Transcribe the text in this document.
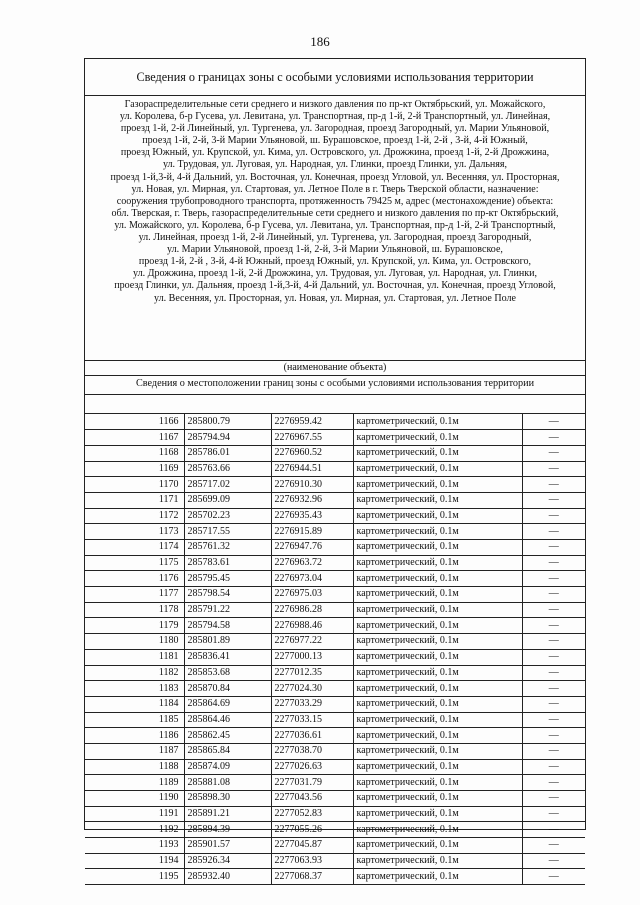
186
Сведения о границах зоны с особыми условиями использования территории
Газораспределительные сети среднего и низкого давления по пр-кт Октябрьский, ул. Можайского,
ул. Королева, б-р Гусева, ул. Левитана, ул. Транспортная, пр-д 1-й, 2-й Транспортный, ул. Линейная,
проезд 1-й, 2-й Линейный, ул. Тургенева, ул. Загородная, проезд Загородный, ул. Марии Ульяновой,
проезд 1-й, 2-й, 3-й Марии Ульяновой, ш. Бурашовское, проезд 1-й, 2-й , 3-й, 4-й Южный,
проезд Южный, ул. Крупской, ул. Кима, ул. Островского, ул. Дрожжина, проезд 1-й, 2-й Дрожжина,
ул. Трудовая, ул. Луговая, ул. Народная, ул. Глинки, проезд Глинки, ул. Дальняя,
проезд 1-й,3-й, 4-й Дальний, ул. Восточная, ул. Конечная, проезд Угловой, ул. Весенняя, ул. Просторная,
ул. Новая, ул. Мирная, ул. Стартовая, ул. Летное Поле в г. Тверь Тверской области, назначение:
сооружения трубопроводного транспорта, протяженность 79425 м, адрес (местонахождение) объекта:
обл. Тверская, г. Тверь, газораспределительные сети среднего и низкого давления по пр-кт Октябрьский,
ул. Можайского, ул. Королева, б-р Гусева, ул. Левитана, ул. Транспортная, пр-д 1-й, 2-й Транспортный,
ул. Линейная, проезд 1-й, 2-й Линейный, ул. Тургенева, ул. Загородная, проезд Загородный,
ул. Марии Ульяновой, проезд 1-й, 2-й, 3-й Марии Ульяновой, ш. Бурашовское,
проезд 1-й, 2-й , 3-й, 4-й Южный, проезд Южный, ул. Крупской, ул. Кима, ул. Островского,
ул. Дрожжина, проезд 1-й, 2-й Дрожжина, ул. Трудовая, ул. Луговая, ул. Народная, ул. Глинки,
проезд Глинки, ул. Дальняя, проезд 1-й,3-й, 4-й Дальний, ул. Восточная, ул. Конечная, проезд Угловой,
ул. Весенняя, ул. Просторная, ул. Новая, ул. Мирная, ул. Стартовая, ул. Летное Поле
(наименование объекта)
Сведения о местоположении границ зоны с особыми условиями использования территории
1166	285800.79	2276959.42	картометрический, 0.1м	—
1167	285794.94	2276967.55	картометрический, 0.1м	—
1168	285786.01	2276960.52	картометрический, 0.1м	—
1169	285763.66	2276944.51	картометрический, 0.1м	—
1170	285717.02	2276910.30	картометрический, 0.1м	—
1171	285699.09	2276932.96	картометрический, 0.1м	—
1172	285702.23	2276935.43	картометрический, 0.1м	—
1173	285717.55	2276915.89	картометрический, 0.1м	—
1174	285761.32	2276947.76	картометрический, 0.1м	—
1175	285783.61	2276963.72	картометрический, 0.1м	—
1176	285795.45	2276973.04	картометрический, 0.1м	—
1177	285798.54	2276975.03	картометрический, 0.1м	—
1178	285791.22	2276986.28	картометрический, 0.1м	—
1179	285794.58	2276988.46	картометрический, 0.1м	—
1180	285801.89	2276977.22	картометрический, 0.1м	—
1181	285836.41	2277000.13	картометрический, 0.1м	—
1182	285853.68	2277012.35	картометрический, 0.1м	—
1183	285870.84	2277024.30	картометрический, 0.1м	—
1184	285864.69	2277033.29	картометрический, 0.1м	—
1185	285864.46	2277033.15	картометрический, 0.1м	—
1186	285862.45	2277036.61	картометрический, 0.1м	—
1187	285865.84	2277038.70	картометрический, 0.1м	—
1188	285874.09	2277026.63	картометрический, 0.1м	—
1189	285881.08	2277031.79	картометрический, 0.1м	—
1190	285898.30	2277043.56	картометрический, 0.1м	—
1191	285891.21	2277052.83	картометрический, 0.1м	—
1192	285894.39	2277055.26	картометрический, 0.1м	—
1193	285901.57	2277045.87	картометрический, 0.1м	—
1194	285926.34	2277063.93	картометрический, 0.1м	—
1195	285932.40	2277068.37	картометрический, 0.1м	—
